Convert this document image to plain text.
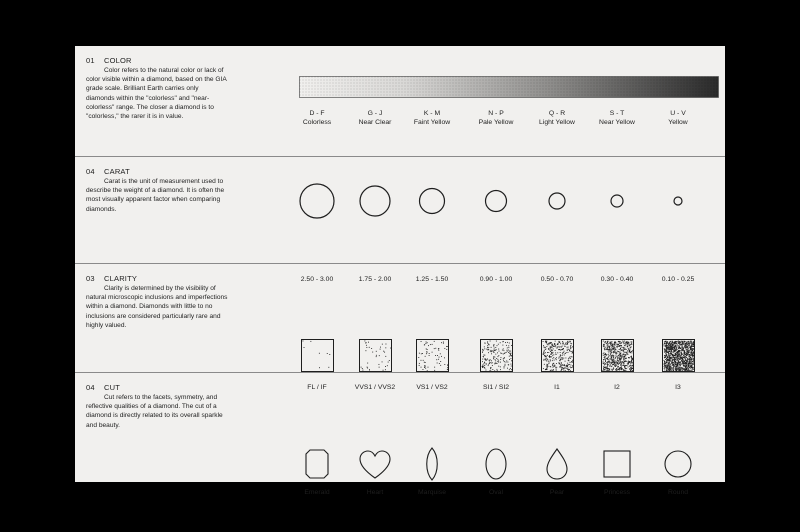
01 COLOR
Color refers to the natural color or lack of color visible within a diamond, based on the GIA grade scale. Brilliant Earth carries only diamonds within the "colorless" and "near-colorless" range. The closer a diamond is to "colorless," the rarer it is in value.	D - F
Colorless
G - J
Near Clear
K - M
Faint Yellow
N - P
Pale Yellow
Q - R
Light Yellow
S - T
Near Yellow
U - V
Yellow
04 CARAT
Carat is the unit of measurement used to describe the weight of a diamond. It is often the most visually apparent factor when comparing diamonds.
2.50 - 3.00	1.75 - 2.00	1.25 - 1.50	0.90 - 1.00	0.50 - 0.70	0.30 - 0.40	0.10 - 0.25
03 CLARITY
Clarity is determined by the visibility of natural microscopic inclusions and imperfections within a diamond. Diamonds with little to no inclusions are considered particularly rare and highly valued.
FL / IF	VVS1 / VVS2	VS1 / VS2	SI1 / SI2	I1	I2	I3
04 CUT
Cut refers to the facets, symmetry, and reflective qualities of a diamond. The cut of a diamond is directly related to its overall sparkle and beauty.
Emerald	Heart	Marquise	Oval	Pear	Princess	Round
